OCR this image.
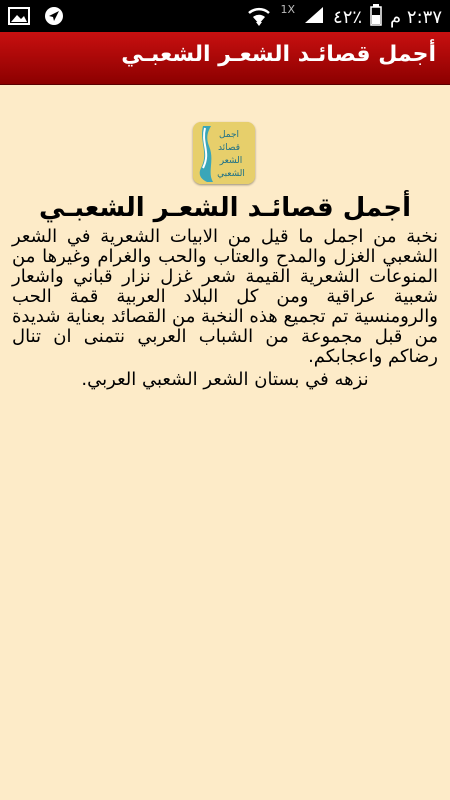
1X ٤٢٪ ٢:٣٧ م
أجمل قصائـد الشعـر الشعبـي
اجمل
قصائد
الشعر
الشعبي
أجمل قصائـد الشعـر الشعبـي
نخبة من اجمل ما قيل من الابيات الشعرية في الشعر الشعبي الغزل والمدح والعتاب والحب والغرام وغيرها من المنوعات الشعرية القيمة شعر غزل نزار قباني واشعار شعبية عراقية ومن كل البلاد العربية قمة الحب والرومنسية تم تجميع هذه النخبة من القصائد بعناية شديدة من قبل مجموعة من الشباب العربي نتمنى ان تنال رضاكم واعجابكم.
نزهه في بستان الشعر الشعبي العربي.
